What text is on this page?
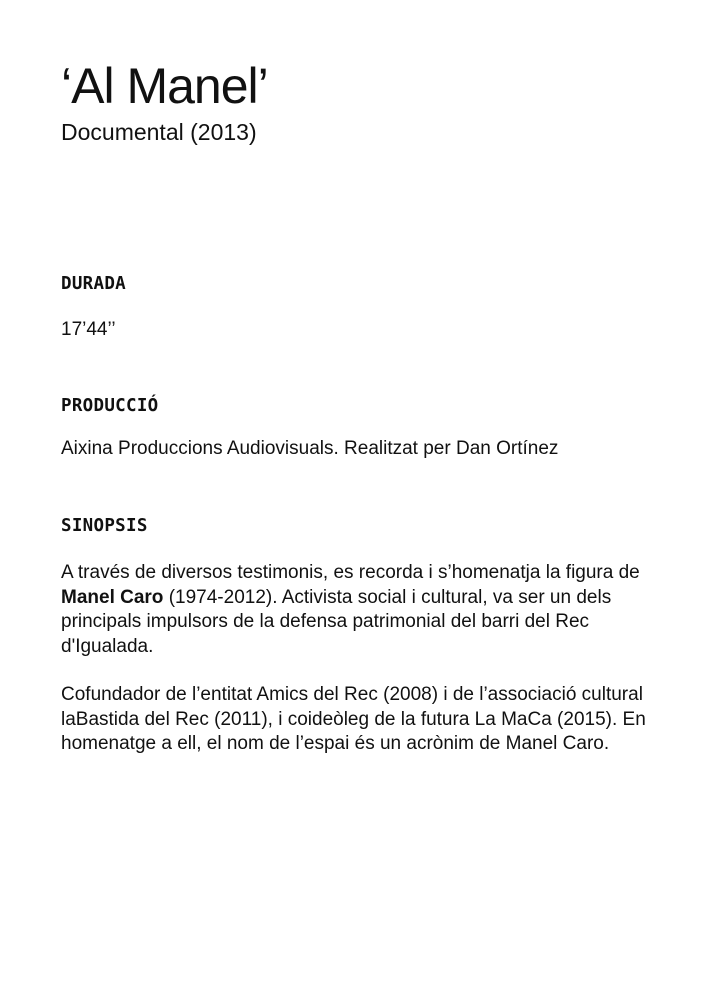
‘Al Manel’

Documental (2013)

DURADA

17’44’’

PRODUCCIÓ

Aixina Produccions Audiovisuals. Realitzat per Dan Ortínez

SINOPSIS

A través de diversos testimonis, es recorda i s’homenatja la figura de Manel Caro (1974-2012). Activista social i cultural, va ser un dels principals impulsors de la defensa patrimonial del barri del Rec d'Igualada.

Cofundador de l’entitat Amics del Rec (2008) i de l’associació cultural laBastida del Rec (2011), i coideòleg de la futura La MaCa (2015). En homenatge a ell, el nom de l’espai és un acrònim de Manel Caro.
